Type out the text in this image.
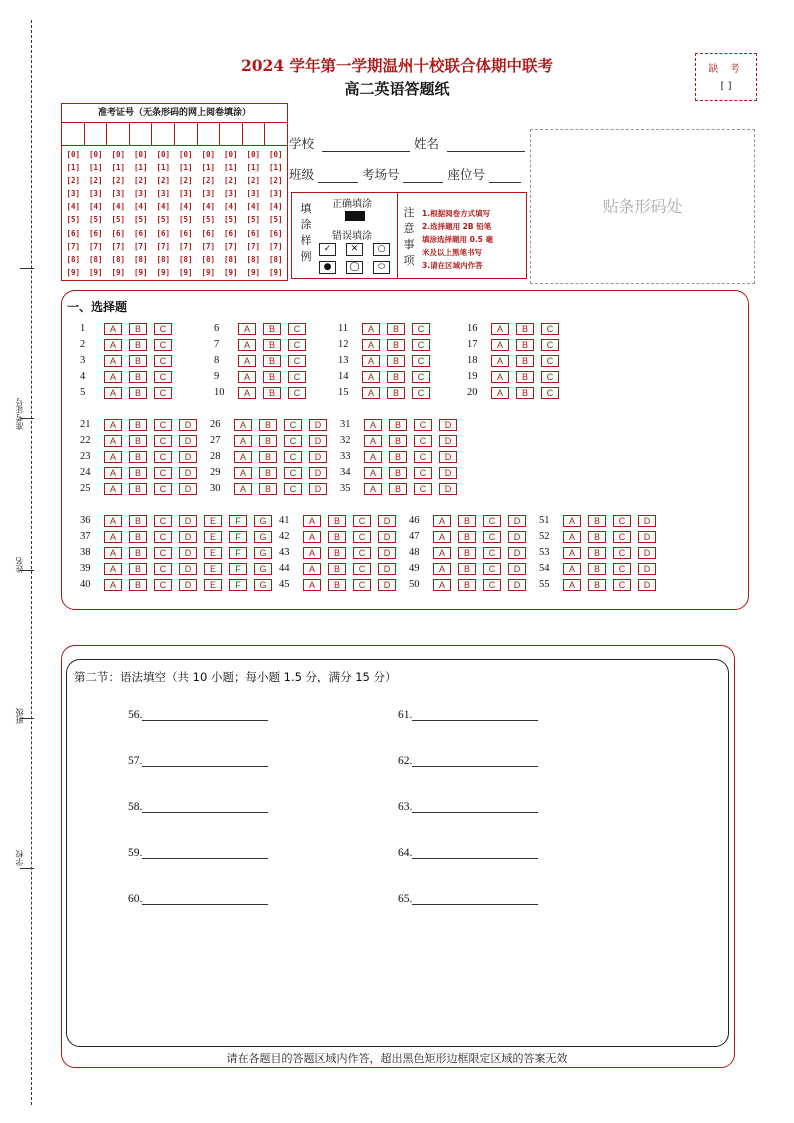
准考证号
姓名
班级
学校
2024 学年第一学期温州十校联合体期中联考
高二英语答题纸
缺 考
[ ]
准考证号（无条形码的网上阅卷填涂）
[0]
[1]
[2]
[3]
[4]
[5]
[6]
[7]
[8]
[9]
[0]
[1]
[2]
[3]
[4]
[5]
[6]
[7]
[8]
[9]
[0]
[1]
[2]
[3]
[4]
[5]
[6]
[7]
[8]
[9]
[0]
[1]
[2]
[3]
[4]
[5]
[6]
[7]
[8]
[9]
[0]
[1]
[2]
[3]
[4]
[5]
[6]
[7]
[8]
[9]
[0]
[1]
[2]
[3]
[4]
[5]
[6]
[7]
[8]
[9]
[0]
[1]
[2]
[3]
[4]
[5]
[6]
[7]
[8]
[9]
[0]
[1]
[2]
[3]
[4]
[5]
[6]
[7]
[8]
[9]
[0]
[1]
[2]
[3]
[4]
[5]
[6]
[7]
[8]
[9]
[0]
[1]
[2]
[3]
[4]
[5]
[6]
[7]
[8]
[9]
学校	姓名
班级	考场号	座位号
填
涂
样
例
正确填涂
错误填涂
✓	✕	○
●	◯	⬭
注
意
事
项
1.根据阅卷方式填写
2.选择题用 2B 铅笔
填涂选择题用 0.5 毫
米及以上黑笔书写
3.请在区域内作答
贴条形码处
一、选择题
1	A B C
2	A B C
3	A B C
4	A B C
5	A B C
6	A B C
7	A B C
8	A B C
9	A B C
10 A B C
11 A B C
12 A B C
13 A B C
14 A B C
15 A B C
16 A B C
17 A B C
18 A B C
19 A B C
20 A B C
21 A B C D
22 A B C D
23 A B C D
24 A B C D
25 A B C D
26 A B C D
27 A B C D
28 A B C D
29 A B C D
30 A B C D
31 A B C D
32 A B C D
33 A B C D
34 A B C D
35 A B C D
36 A B C D E F G
37 A B C D E F G
38 A B C D E F G
39 A B C D E F G
40 A B C D E F G
41 A B C D
42 A B C D
43 A B C D
44 A B C D
45 A B C D
46 A B C D
47 A B C D
48 A B C D
49 A B C D
50 A B C D
51 A B C D
52 A B C D
53 A B C D
54 A B C D
55 A B C D
第二节：语法填空（共 10 小题；每小题 1.5 分，满分 15 分）
56.
57.
58.
59.
60.
61.
62.
63.
64.
65.
请在各题目的答题区域内作答，超出黑色矩形边框限定区域的答案无效
